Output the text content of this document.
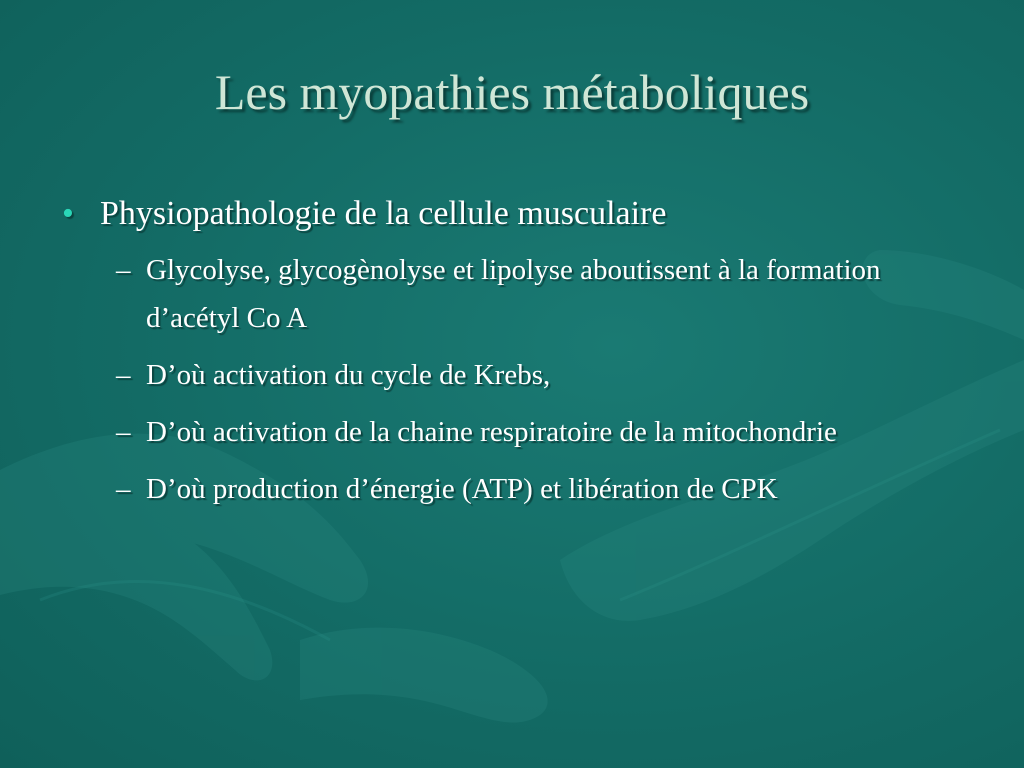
Les myopathies métaboliques
• Physiopathologie de la cellule musculaire
– Glycolyse, glycogènolyse et lipolyse aboutissent à la formation d’acétyl Co A
– D’où activation du cycle de Krebs,
– D’où activation de la chaine respiratoire de la mitochondrie
– D’où production d’énergie (ATP) et libération de CPK
